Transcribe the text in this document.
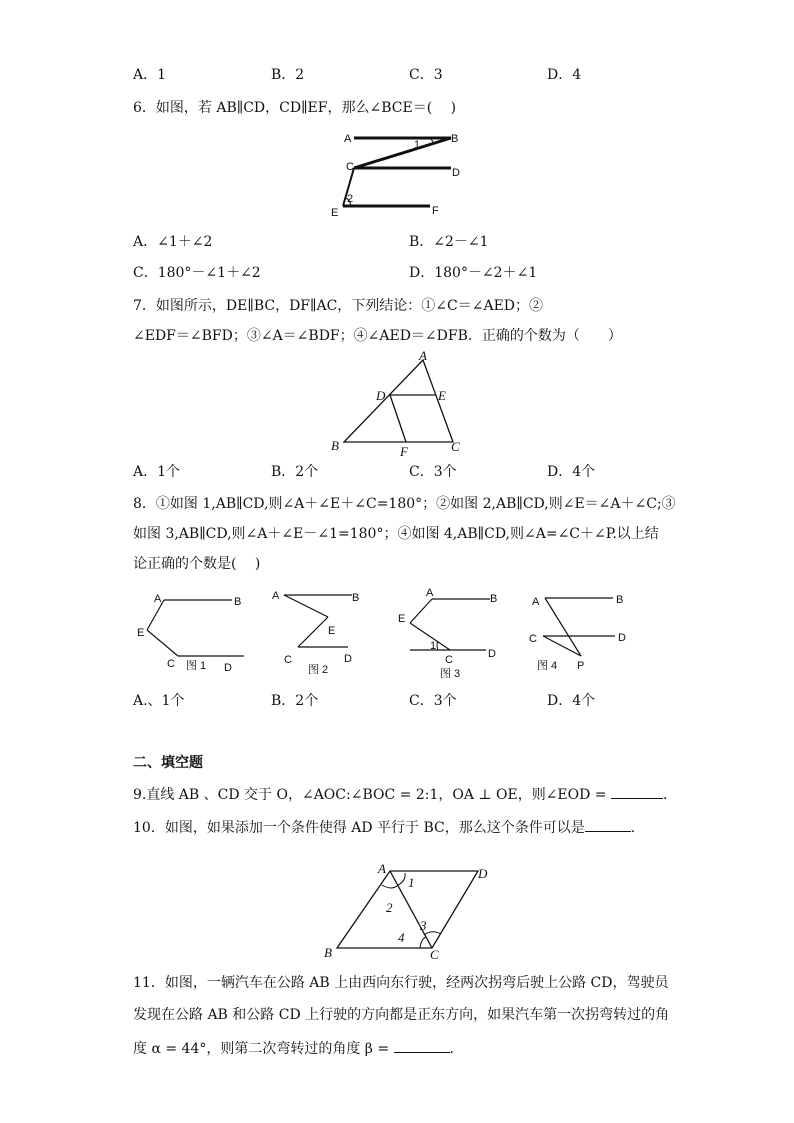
A．1	B．2	C．3	D．4
6．如图，若 AB∥CD，CD∥EF，那么∠BCE＝(　 )
A	B
C	D
E	F
1
2
A．∠1＋∠2	B．∠2－∠1
C．180°－∠1＋∠2	D．180°－∠2＋∠1
7．如图所示，DE∥BC，DF∥AC，下列结论：①∠C＝∠AED；②
∠EDF＝∠BFD；③∠A＝∠BDF；④∠AED＝∠DFB．正确的个数为（　　）
A
B	C
D	E
F
A．1个	B．2个	C．3个	D．4个
8．①如图 1,AB∥CD,则∠A＋∠E＋∠C=180°；②如图 2,AB∥CD,则∠E＝∠A＋∠C;③
如图 3,AB∥CD,则∠A＋∠E－∠1=180°；④如图 4,AB∥CD,则∠A=∠C＋∠P.以上结
论正确的个数是(　 )
A	B
E
C	D
图 1
A	B
E
C	D
图 2
A	B
E
1
C	D
图 3
A	B
C	D
P
图 4
A.、1个	B．2个	C．3个	D．4个
二、填空题
9.直线 AB 、CD 交于 O，∠AOC:∠BOC = 2:1，OA ⊥ OE，则∠EOD =	.
10．如图，如果添加一个条件使得 AD 平行于 BC，那么这个条件可以是	.
A
B	C
D
1
2
3
4
11．如图，一辆汽车在公路 AB 上由西向东行驶，经两次拐弯后驶上公路 CD，驾驶员
发现在公路 AB 和公路 CD 上行驶的方向都是正东方向，如果汽车第一次拐弯转过的角
度 α = 44°，则第二次弯转过的角度 β =	.
